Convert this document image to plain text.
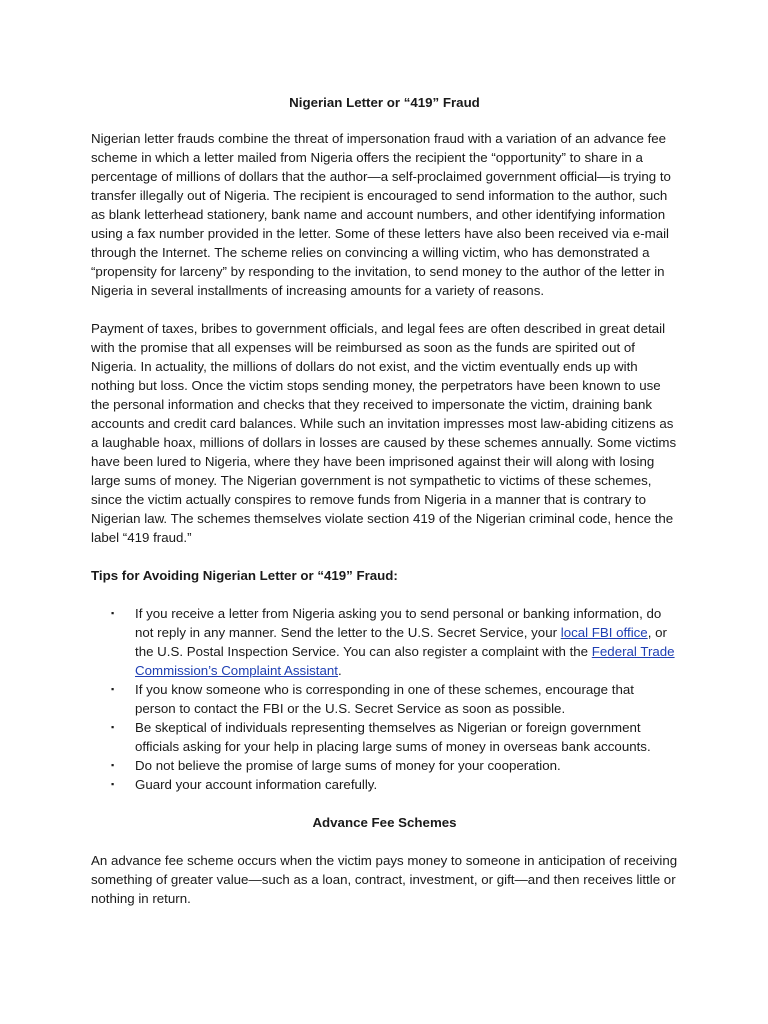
Nigerian Letter or “419” Fraud

Nigerian letter frauds combine the threat of impersonation fraud with a variation of an advance fee scheme in which a letter mailed from Nigeria offers the recipient the “opportunity” to share in a percentage of millions of dollars that the author—a self-proclaimed government official—is trying to transfer illegally out of Nigeria. The recipient is encouraged to send information to the author, such as blank letterhead stationery, bank name and account numbers, and other identifying information using a fax number provided in the letter. Some of these letters have also been received via e-mail through the Internet. The scheme relies on convincing a willing victim, who has demonstrated a “propensity for larceny” by responding to the invitation, to send money to the author of the letter in Nigeria in several installments of increasing amounts for a variety of reasons.

Payment of taxes, bribes to government officials, and legal fees are often described in great detail with the promise that all expenses will be reimbursed as soon as the funds are spirited out of Nigeria. In actuality, the millions of dollars do not exist, and the victim eventually ends up with nothing but loss. Once the victim stops sending money, the perpetrators have been known to use the personal information and checks that they received to impersonate the victim, draining bank accounts and credit card balances. While such an invitation impresses most law-abiding citizens as a laughable hoax, millions of dollars in losses are caused by these schemes annually. Some victims have been lured to Nigeria, where they have been imprisoned against their will along with losing large sums of money. The Nigerian government is not sympathetic to victims of these schemes, since the victim actually conspires to remove funds from Nigeria in a manner that is contrary to Nigerian law. The schemes themselves violate section 419 of the Nigerian criminal code, hence the label “419 fraud.”

Tips for Avoiding Nigerian Letter or “419” Fraud:
▪ If you receive a letter from Nigeria asking you to send personal or banking information, do not reply in any manner. Send the letter to the U.S. Secret Service, your local FBI office, or the U.S. Postal Inspection Service. You can also register a complaint with the Federal Trade Commission’s Complaint Assistant.
▪ If you know someone who is corresponding in one of these schemes, encourage that person to contact the FBI or the U.S. Secret Service as soon as possible.
▪ Be skeptical of individuals representing themselves as Nigerian or foreign government officials asking for your help in placing large sums of money in overseas bank accounts.
▪ Do not believe the promise of large sums of money for your cooperation.
▪ Guard your account information carefully.
Advance Fee Schemes

An advance fee scheme occurs when the victim pays money to someone in anticipation of receiving something of greater value—such as a loan, contract, investment, or gift—and then receives little or nothing in return.
